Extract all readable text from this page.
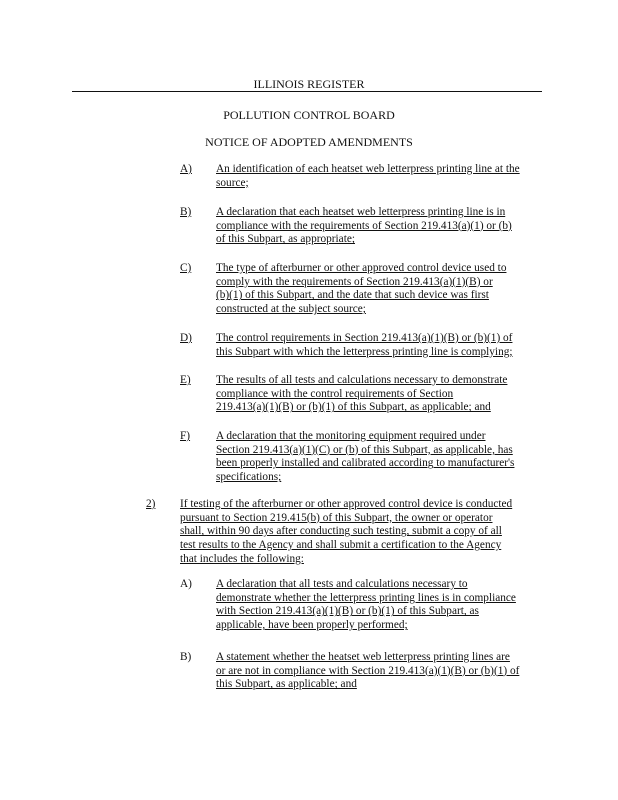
ILLINOIS REGISTER
POLLUTION CONTROL BOARD
NOTICE OF ADOPTED AMENDMENTS
A) An identification of each heatset web letterpress printing line at the
source;
B) A declaration that each heatset web letterpress printing line is in
compliance with the requirements of Section 219.413(a)(1) or (b)
of this Subpart, as appropriate;
C) The type of afterburner or other approved control device used to
comply with the requirements of Section 219.413(a)(1)(B) or
(b)(1) of this Subpart, and the date that such device was first
constructed at the subject source;
D) The control requirements in Section 219.413(a)(1)(B) or (b)(1) of
this Subpart with which the letterpress printing line is complying;
E) The results of all tests and calculations necessary to demonstrate
compliance with the control requirements of Section
219.413(a)(1)(B) or (b)(1) of this Subpart, as applicable; and
F) A declaration that the monitoring equipment required under
Section 219.413(a)(1)(C) or (b) of this Subpart, as applicable, has
been properly installed and calibrated according to manufacturer's
specifications;
2) If testing of the afterburner or other approved control device is conducted
pursuant to Section 219.415(b) of this Subpart, the owner or operator
shall, within 90 days after conducting such testing, submit a copy of all
test results to the Agency and shall submit a certification to the Agency
that includes the following:
A) A declaration that all tests and calculations necessary to
demonstrate whether the letterpress printing lines is in compliance
with Section 219.413(a)(1)(B) or (b)(1) of this Subpart, as
applicable, have been properly performed;
B) A statement whether the heatset web letterpress printing lines are
or are not in compliance with Section 219.413(a)(1)(B) or (b)(1) of
this Subpart, as applicable; and
